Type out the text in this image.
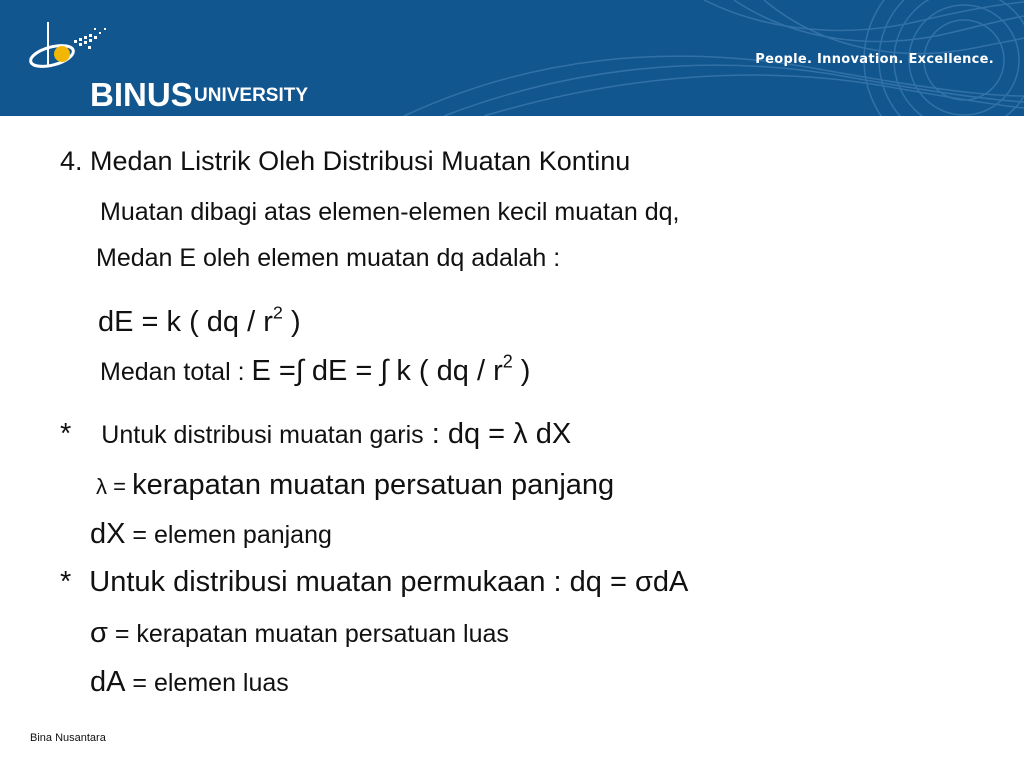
BINUS UNIVERSITY
People. Innovation. Excellence.
4. Medan Listrik Oleh Distribusi Muatan Kontinu
Muatan dibagi atas elemen-elemen kecil muatan dq,
Medan E oleh elemen muatan dq adalah :
dE = k ( dq / $r^2$ )
Medan total : E =∫ dE = ∫ k ( dq / $r^2$ )
* Untuk distribusi muatan garis : dq = λ dX
λ = kerapatan muatan persatuan panjang
dX = elemen panjang
* Untuk distribusi muatan permukaan : dq = σdA
σ = kerapatan muatan persatuan luas
dA = elemen luas
Bina Nusantara
